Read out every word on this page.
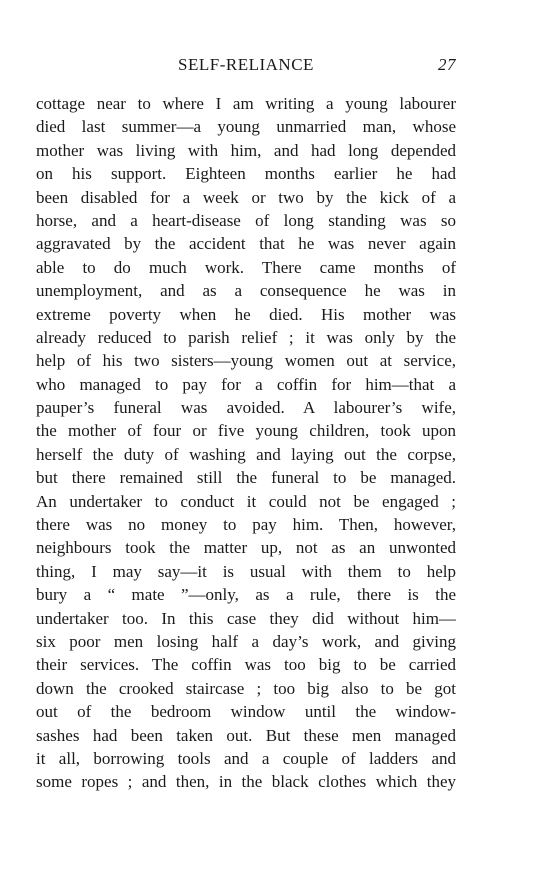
SELF-RELIANCE	27
cottage near to where I am writing a young labourer
died last summer—a young unmarried man, whose
mother was living with him, and had long depended
on his support. Eighteen months earlier he had
been disabled for a week or two by the kick of a
horse, and a heart-disease of long standing was so
aggravated by the accident that he was never again
able to do much work. There came months of
unemployment, and as a consequence he was in
extreme poverty when he died. His mother was
already reduced to parish relief ; it was only by the
help of his two sisters—young women out at service,
who managed to pay for a coffin for him—that a
pauper’s funeral was avoided. A labourer’s wife,
the mother of four or five young children, took upon
herself the duty of washing and laying out the corpse,
but there remained still the funeral to be managed.
An undertaker to conduct it could not be engaged ;
there was no money to pay him. Then, however,
neighbours took the matter up, not as an unwonted
thing, I may say—it is usual with them to help
bury a “ mate ”—only, as a rule, there is the
undertaker too. In this case they did without him—
six poor men losing half a day’s work, and giving
their services. The coffin was too big to be carried
down the crooked staircase ; too big also to be got
out of the bedroom window until the window-
sashes had been taken out. But these men managed
it all, borrowing tools and a couple of ladders and
some ropes ; and then, in the black clothes which they
